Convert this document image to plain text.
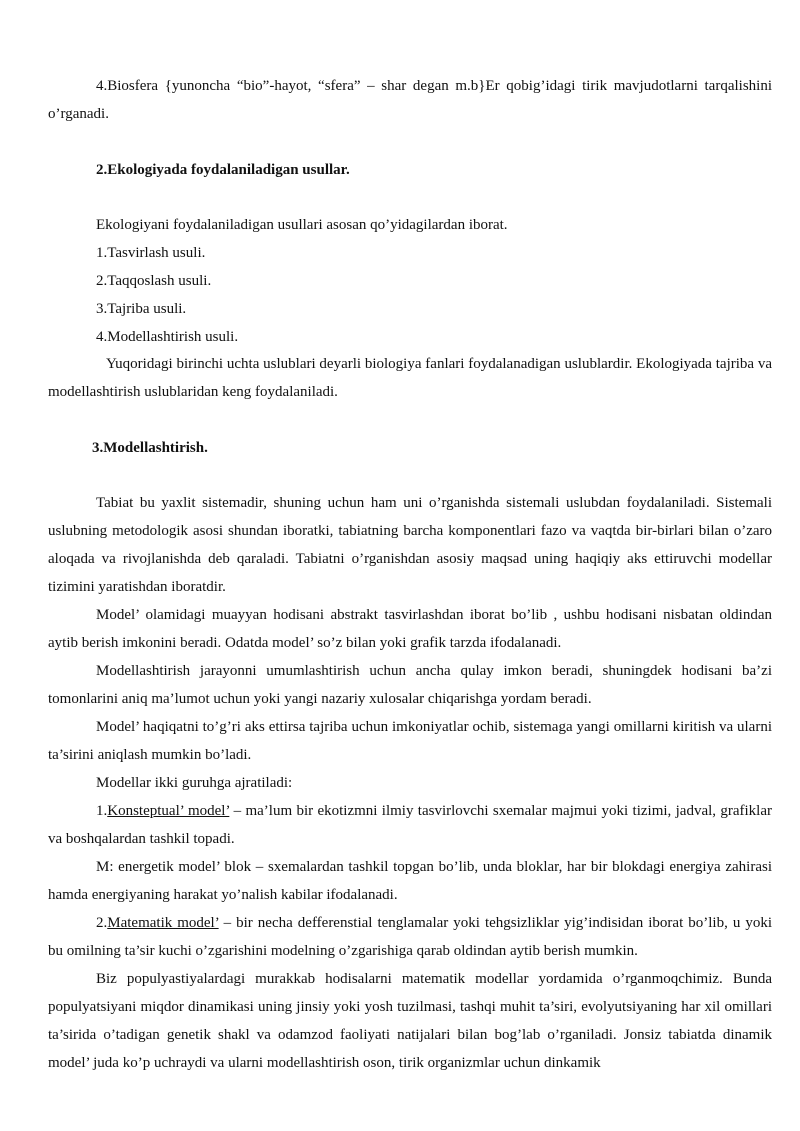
4.Biosfera {yunoncha “bio”-hayot, “sfera” – shar degan m.b}Er qobig’idagi tirik mavjudotlarni tarqalishini o’rganadi.

2.Ekologiyada foydalaniladigan usullar.

Ekologiyani foydalaniladigan usullari asosan qo’yidagilardan iborat.

1.Tasvirlash usuli.

2.Taqqoslash usuli.

3.Tajriba usuli.

4.Modellashtirish usuli.

Yuqoridagi birinchi uchta uslublari deyarli biologiya fanlari foydalanadigan uslublardir. Ekologiyada tajriba va modellashtirish uslublaridan keng foydalaniladi.

3.Modellashtirish.

Tabiat bu yaxlit sistemadir, shuning uchun ham uni o’rganishda sistemali uslubdan foydalaniladi. Sistemali uslubning metodologik asosi shundan iboratki, tabiatning barcha komponentlari fazo va vaqtda bir-birlari bilan o’zaro aloqada va rivojlanishda deb qaraladi. Tabiatni o’rganishdan asosiy maqsad uning haqiqiy aks ettiruvchi modellar tizimini yaratishdan iboratdir.

Model’ olamidagi muayyan hodisani abstrakt tasvirlashdan iborat bo’lib , ushbu hodisani nisbatan oldindan aytib berish imkonini beradi. Odatda model’ so’z bilan yoki grafik tarzda ifodalanadi.

Modellashtirish jarayonni umumlashtirish uchun ancha qulay imkon beradi, shuningdek hodisani ba’zi tomonlarini aniq ma’lumot uchun yoki yangi nazariy xulosalar chiqarishga yordam beradi.

Model’ haqiqatni to’g’ri aks ettirsa tajriba uchun imkoniyatlar ochib, sistemaga yangi omillarni kiritish va ularni ta’sirini aniqlash mumkin bo’ladi.

Modellar ikki guruhga ajratiladi:

1.Konsteptual’ model’ – ma’lum bir ekotizmni ilmiy tasvirlovchi sxemalar majmui yoki tizimi, jadval, grafiklar va boshqalardan tashkil topadi.

M: energetik model’ blok – sxemalardan tashkil topgan bo’lib, unda bloklar, har bir blokdagi energiya zahirasi hamda energiyaning harakat yo’nalish kabilar ifodalanadi.

2.Matematik model’ – bir necha defferenstial tenglamalar yoki tehgsizliklar yig’indisidan iborat bo’lib, u yoki bu omilning ta’sir kuchi o’zgarishini modelning o’zgarishiga qarab oldindan aytib berish mumkin.

Biz populyastiyalardagi murakkab hodisalarni matematik modellar yordamida o’rganmoqchimiz. Bunda populyatsiyani miqdor dinamikasi uning jinsiy yoki yosh tuzilmasi, tashqi muhit ta’siri, evolyutsiyaning har xil omillari ta’sirida o’tadigan genetik shakl va odamzod faoliyati natijalari bilan bog’lab o’rganiladi. Jonsiz tabiatda dinamik model’ juda ko’p uchraydi va ularni modellashtirish oson, tirik organizmlar uchun dinkamik
